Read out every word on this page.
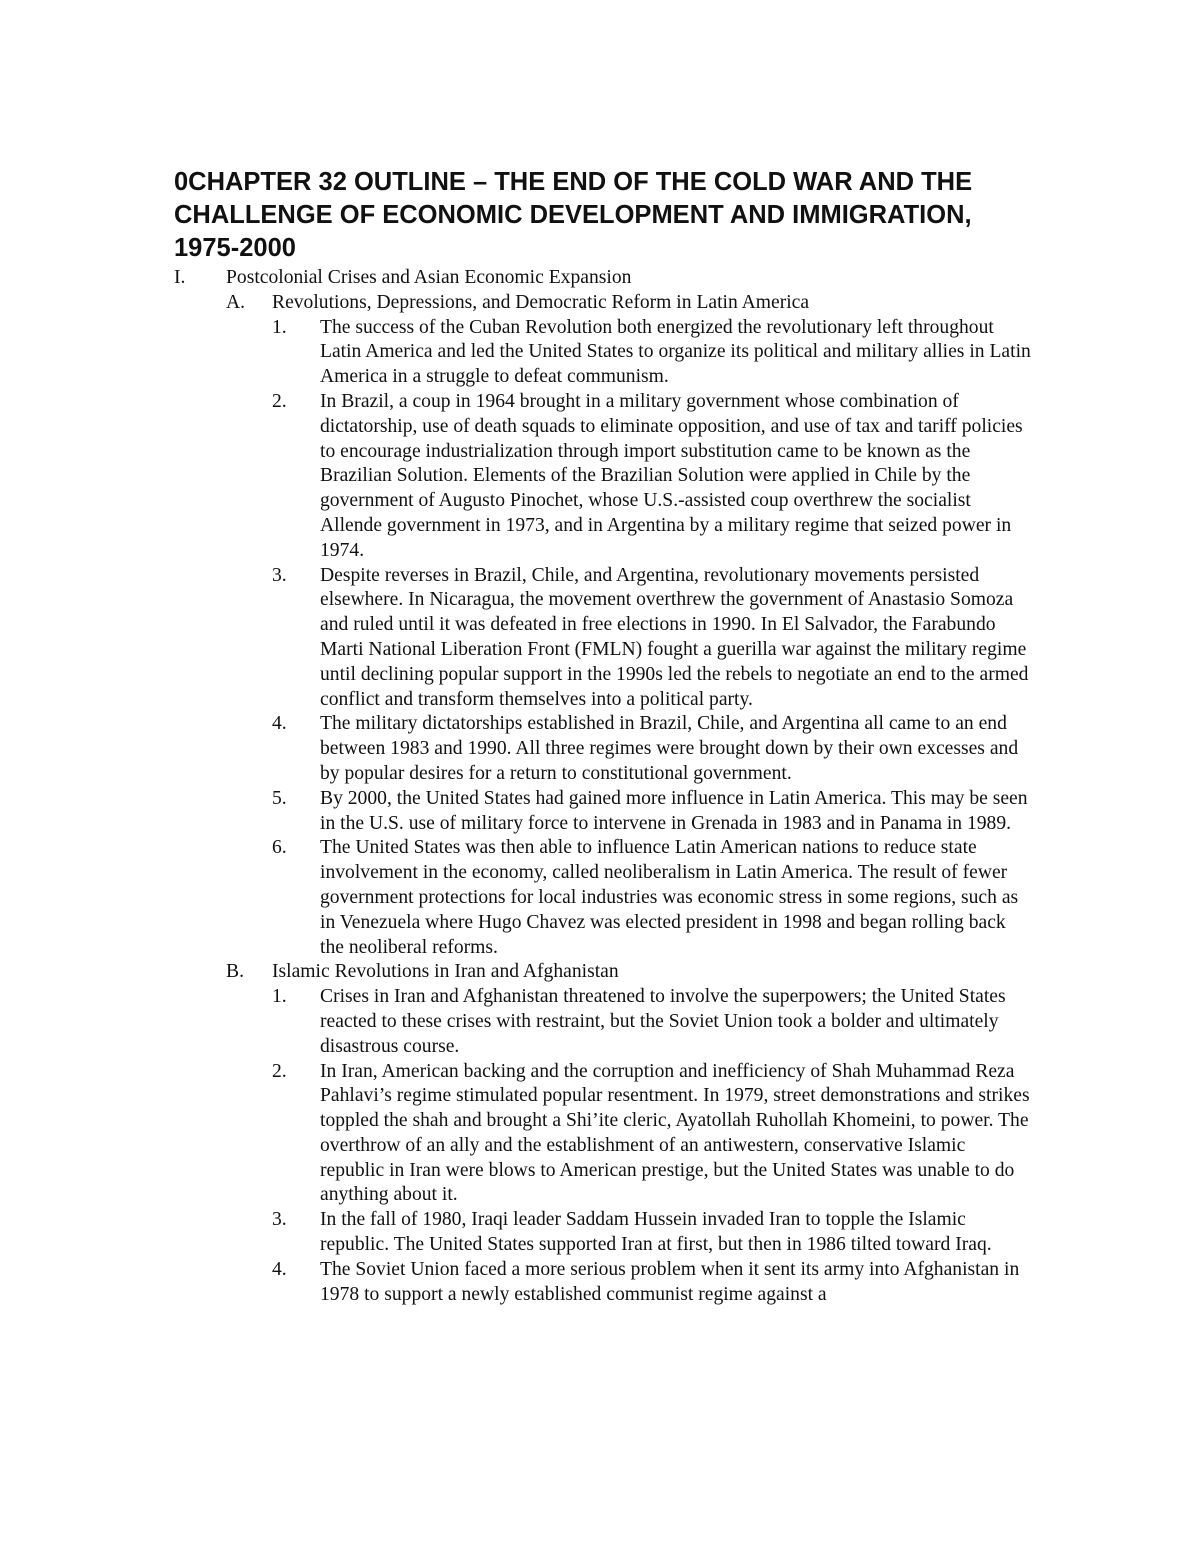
0CHAPTER 32 OUTLINE – THE END OF THE COLD WAR AND THE CHALLENGE OF ECONOMIC DEVELOPMENT AND IMMIGRATION, 1975-2000
I.	Postcolonial Crises and Asian Economic Expansion
A.	Revolutions, Depressions, and Democratic Reform in Latin America
1.	The success of the Cuban Revolution both energized the revolutionary left throughout Latin America and led the United States to organize its political and military allies in Latin America in a struggle to defeat communism.
2.	In Brazil, a coup in 1964 brought in a military government whose combination of dictatorship, use of death squads to eliminate opposition, and use of tax and tariff policies to encourage industrialization through import substitution came to be known as the Brazilian Solution. Elements of the Brazilian Solution were applied in Chile by the government of Augusto Pinochet, whose U.S.-assisted coup overthrew the socialist Allende government in 1973, and in Argentina by a military regime that seized power in 1974.
3.	Despite reverses in Brazil, Chile, and Argentina, revolutionary movements persisted elsewhere. In Nicaragua, the movement overthrew the government of Anastasio Somoza and ruled until it was defeated in free elections in 1990. In El Salvador, the Farabundo Marti National Liberation Front (FMLN) fought a guerilla war against the military regime until declining popular support in the 1990s led the rebels to negotiate an end to the armed conflict and transform themselves into a political party.
4.	The military dictatorships established in Brazil, Chile, and Argentina all came to an end between 1983 and 1990. All three regimes were brought down by their own excesses and by popular desires for a return to constitutional government.
5.	By 2000, the United States had gained more influence in Latin America. This may be seen in the U.S. use of military force to intervene in Grenada in 1983 and in Panama in 1989.
6.	The United States was then able to influence Latin American nations to reduce state involvement in the economy, called neoliberalism in Latin America. The result of fewer government protections for local industries was economic stress in some regions, such as in Venezuela where Hugo Chavez was elected president in 1998 and began rolling back the neoliberal reforms.
B.	Islamic Revolutions in Iran and Afghanistan
1.	Crises in Iran and Afghanistan threatened to involve the superpowers; the United States reacted to these crises with restraint, but the Soviet Union took a bolder and ultimately disastrous course.
2.	In Iran, American backing and the corruption and inefficiency of Shah Muhammad Reza Pahlavi’s regime stimulated popular resentment. In 1979, street demonstrations and strikes toppled the shah and brought a Shi’ite cleric, Ayatollah Ruhollah Khomeini, to power. The overthrow of an ally and the establishment of an antiwestern, conservative Islamic republic in Iran were blows to American prestige, but the United States was unable to do anything about it.
3.	In the fall of 1980, Iraqi leader Saddam Hussein invaded Iran to topple the Islamic republic. The United States supported Iran at first, but then in 1986 tilted toward Iraq.
4.	The Soviet Union faced a more serious problem when it sent its army into Afghanistan in 1978 to support a newly established communist regime against a
